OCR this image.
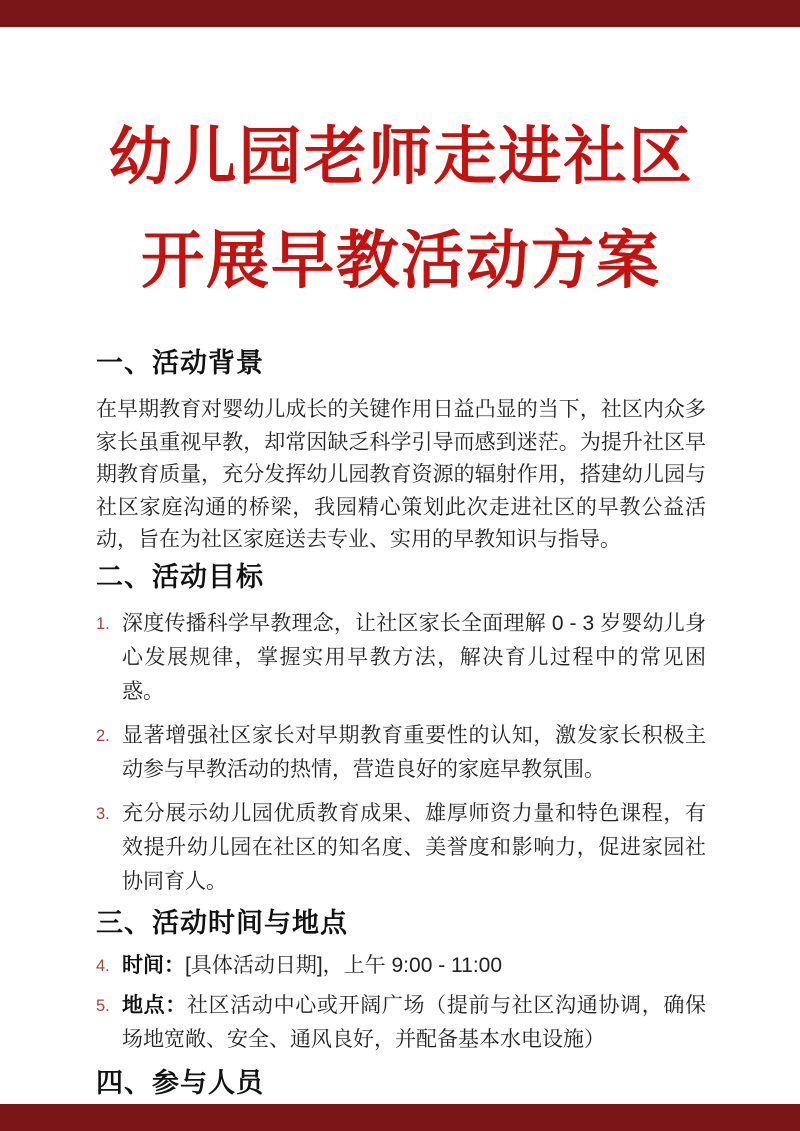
幼儿园老师走进社区
开展早教活动方案
一、活动背景

在早期教育对婴幼儿成长的关键作用日益凸显的当下，社区内众多家长虽重视早教，却常因缺乏科学引导而感到迷茫。为提升社区早期教育质量，充分发挥幼儿园教育资源的辐射作用，搭建幼儿园与社区家庭沟通的桥梁，我园精心策划此次走进社区的早教公益活动，旨在为社区家庭送去专业、实用的早教知识与指导。

二、活动目标
1. 深度传播科学早教理念，让社区家长全面理解 0 - 3 岁婴幼儿身心发展规律，掌握实用早教方法，解决育儿过程中的常见困惑。
2. 显著增强社区家长对早期教育重要性的认知，激发家长积极主动参与早教活动的热情，营造良好的家庭早教氛围。
3. 充分展示幼儿园优质教育成果、雄厚师资力量和特色课程，有效提升幼儿园在社区的知名度、美誉度和影响力，促进家园社协同育人。
三、活动时间与地点
4. 时间：[具体活动日期]，上午 9:00 - 11:00
5. 地点：社区活动中心或开阔广场（提前与社区沟通协调，确保场地宽敞、安全、通风良好，并配备基本水电设施）
四、参与人员
